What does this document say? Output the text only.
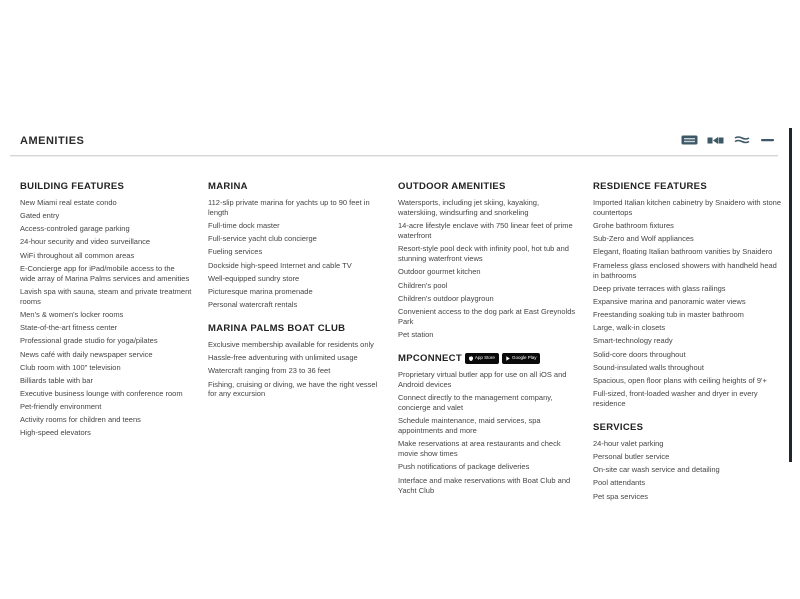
AMENITIES
BUILDING FEATURES
New Miami real estate condo
Gated entry
Access-controled garage parking
24-hour security and video surveillance
WiFi throughout all common areas
E-Concierge app for iPad/mobile access to the wide array of Marina Palms services and amenities
Lavish spa with sauna, steam and private treatment rooms
Men's & women's locker rooms
State-of-the-art fitness center
Professional grade studio for yoga/pilates
News café with daily newspaper service
Club room with 100" television
Billiards table with bar
Executive business lounge with conference room
Pet-friendly environment
Activity rooms for children and teens
High-speed elevators
MARINA
112-slip private marina for yachts up to 90 feet in length
Full-time dock master
Full-service yacht club concierge
Fueling services
Dockside high-speed Internet and cable TV
Well-equipped sundry store
Picturesque marina promenade
Personal watercraft rentals
MARINA PALMS BOAT CLUB
Exclusive membership available for residents only
Hassle-free adventuring with unlimited usage
Watercraft ranging from 23 to 36 feet
Fishing, cruising or diving, we have the right vessel for any excursion
OUTDOOR AMENITIES
Watersports, including jet skiing, kayaking, waterskiing, windsurfing and snorkeling
14-acre lifestyle enclave with 750 linear feet of prime waterfront
Resort-style pool deck with infinity pool, hot tub and stunning waterfront views
Outdoor gourmet kitchen
Children's pool
Children's outdoor playgroun
Convenient access to the dog park at East Greynolds Park
Pet station
MPCONNECT	App Store	Google Play
Proprietary virtual butler app for use on all iOS and Android devices
Connect directly to the management company, concierge and valet
Schedule maintenance, maid services, spa appointments and more
Make reservations at area restaurants and check movie show times
Push notifications of package deliveries
Interface and make reservations with Boat Club and Yacht Club
RESDIENCE FEATURES
Imported Italian kitchen cabinetry by Snaidero with stone countertops
Grohe bathroom fixtures
Sub-Zero and Wolf appliances
Elegant, floating Italian bathroom vanities by Snaidero
Frameless glass enclosed showers with handheld head in bathrooms
Deep private terraces with glass railings
Expansive marina and panoramic water views
Freestanding soaking tub in master bathroom
Large, walk-in closets
Smart-technology ready
Solid-core doors throughout
Sound-insulated walls throughout
Spacious, open floor plans with ceiling heights of 9'+
Full-sized, front-loaded washer and dryer in every residence
SERVICES
24-hour valet parking
Personal butler service
On-site car wash service and detailing
Pool attendants
Pet spa services
